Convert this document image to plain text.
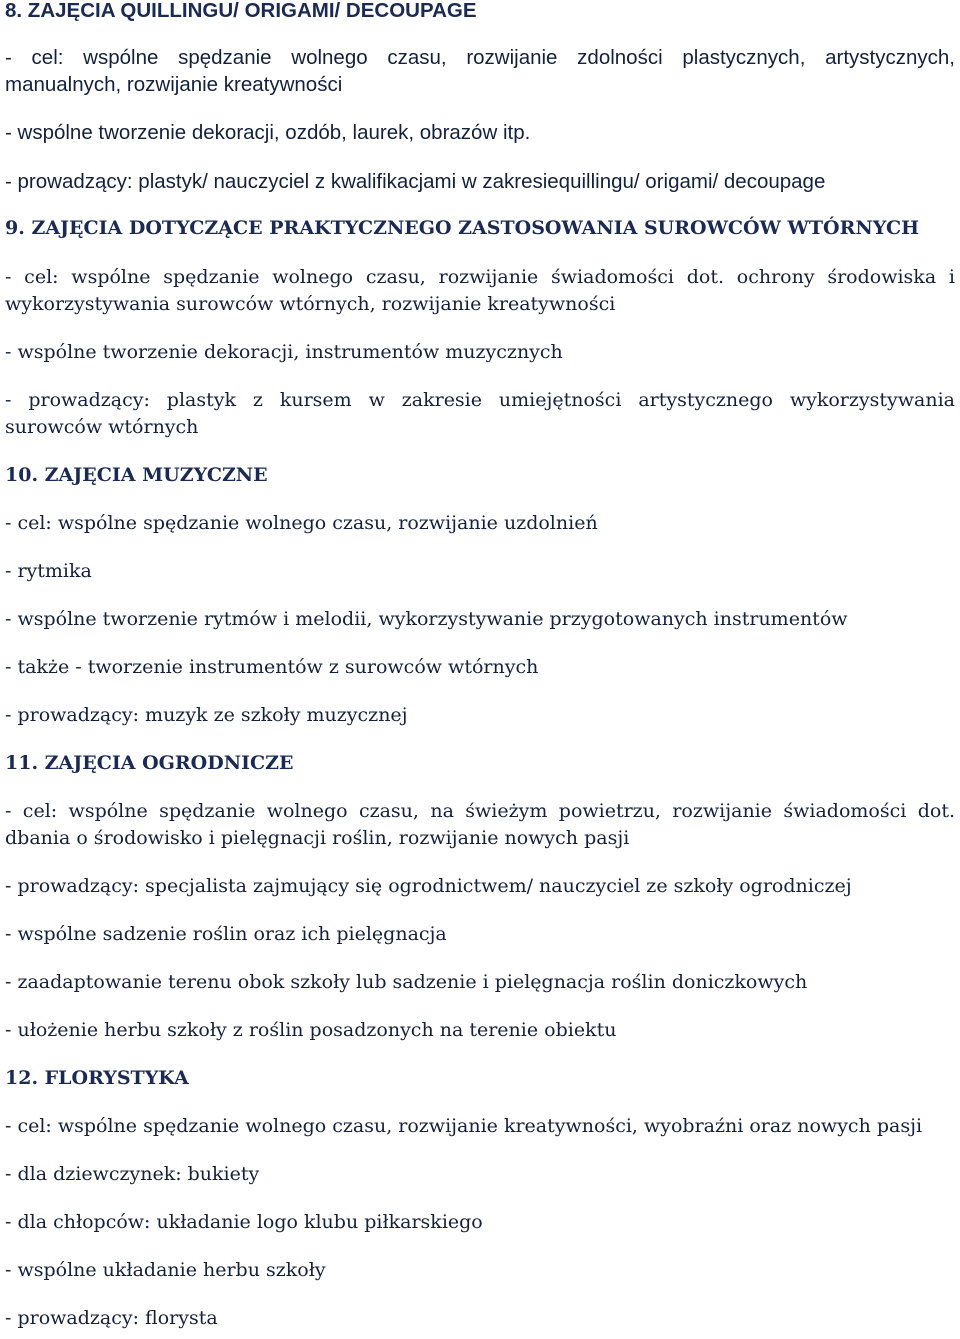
8. ZAJĘCIA QUILLINGU/ ORIGAMI/ DECOUPAGE
- cel: wspólne spędzanie wolnego czasu, rozwijanie zdolności plastycznych, artystycznych,
manualnych, rozwijanie kreatywności
- wspólne tworzenie dekoracji, ozdób, laurek, obrazów itp.
- prowadzący: plastyk/ nauczyciel z kwalifikacjami w zakresiequillingu/ origami/ decoupage
9. ZAJĘCIA DOTYCZĄCE PRAKTYCZNEGO ZASTOSOWANIA SUROWCÓW WTÓRNYCH
- cel: wspólne spędzanie wolnego czasu, rozwijanie świadomości dot. ochrony środowiska i
wykorzystywania surowców wtórnych, rozwijanie kreatywności
- wspólne tworzenie dekoracji, instrumentów muzycznych
- prowadzący: plastyk z kursem w zakresie umiejętności artystycznego wykorzystywania
surowców wtórnych
10. ZAJĘCIA MUZYCZNE
- cel: wspólne spędzanie wolnego czasu, rozwijanie uzdolnień
- rytmika
- wspólne tworzenie rytmów i melodii, wykorzystywanie przygotowanych instrumentów
- także - tworzenie instrumentów z surowców wtórnych
- prowadzący: muzyk ze szkoły muzycznej
11. ZAJĘCIA OGRODNICZE
- cel: wspólne spędzanie wolnego czasu, na świeżym powietrzu, rozwijanie świadomości dot.
dbania o środowisko i pielęgnacji roślin, rozwijanie nowych pasji
- prowadzący: specjalista zajmujący się ogrodnictwem/ nauczyciel ze szkoły ogrodniczej
- wspólne sadzenie roślin oraz ich pielęgnacja
- zaadaptowanie terenu obok szkoły lub sadzenie i pielęgnacja roślin doniczkowych
- ułożenie herbu szkoły z roślin posadzonych na terenie obiektu
12. FLORYSTYKA
- cel: wspólne spędzanie wolnego czasu, rozwijanie kreatywności, wyobraźni oraz nowych pasji
- dla dziewczynek: bukiety
- dla chłopców: układanie logo klubu piłkarskiego
- wspólne układanie herbu szkoły
- prowadzący: florysta
